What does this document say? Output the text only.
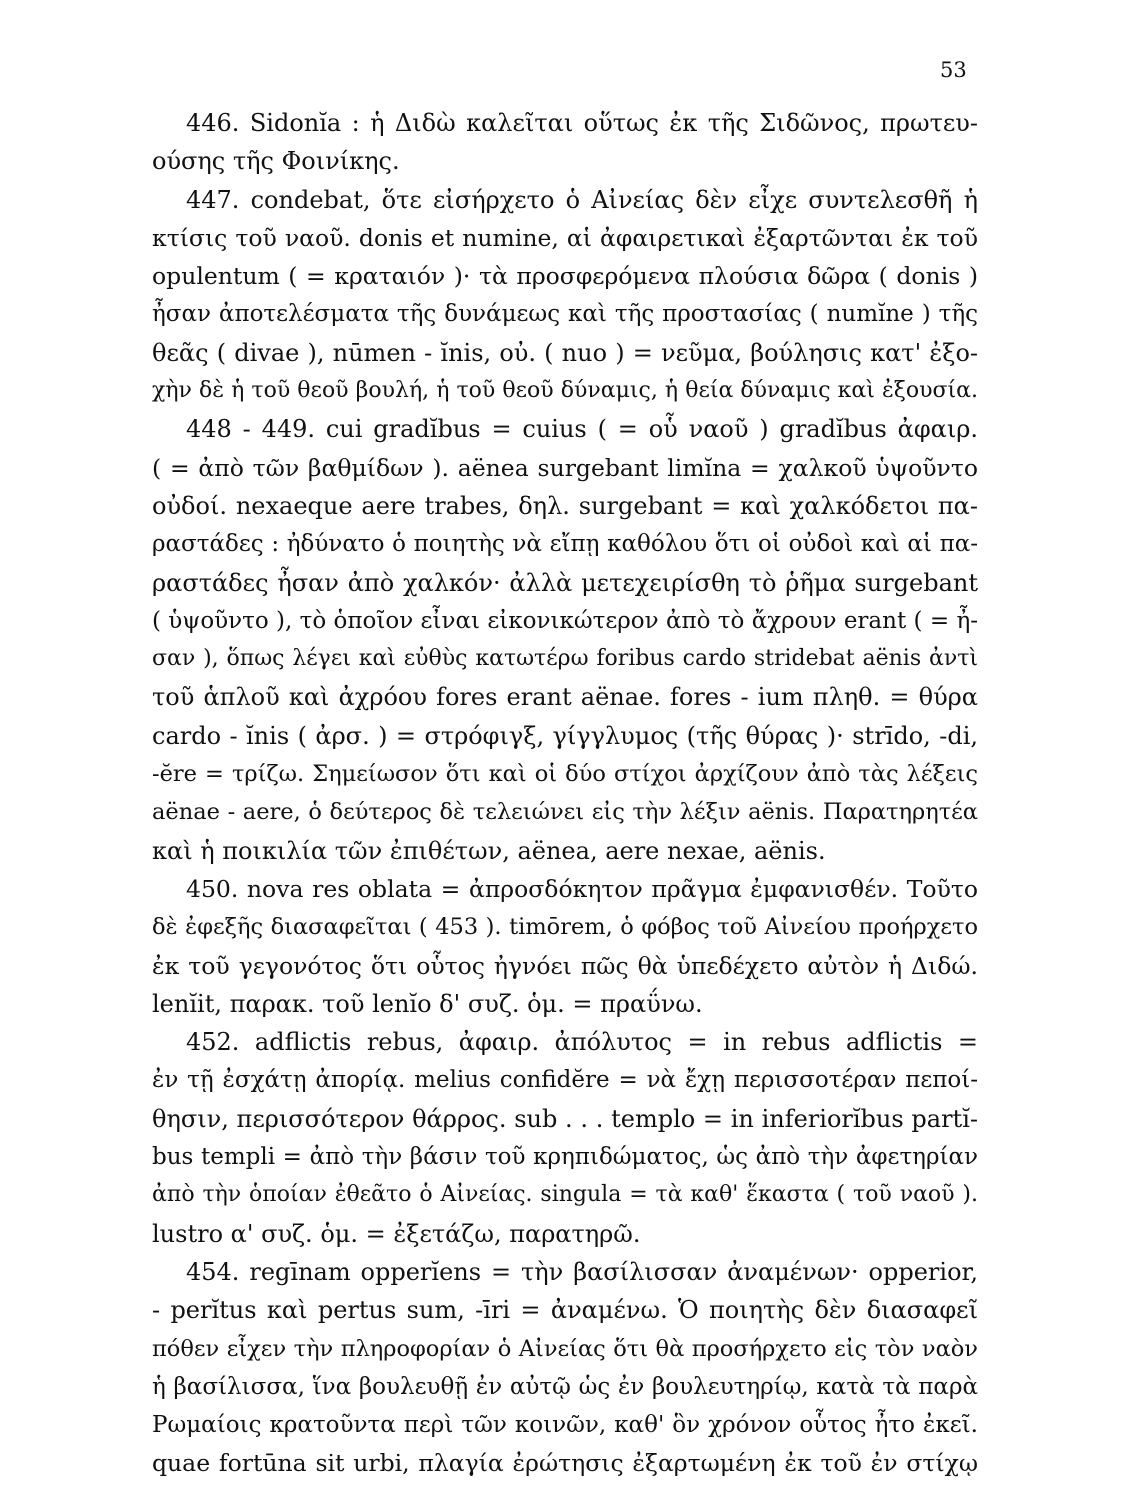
53
446. Sidonĭa : ἡ Διδὼ καλεῖται οὕτως ἐκ τῆς Σιδῶνος, πρωτευ-
ούσης τῆς Φοινίκης.
447. condebat, ὅτε εἰσήρχετο ὁ Αἰνείας δὲν εἶχε συντελεσθῆ ἡ
κτίσις τοῦ ναοῦ. donis et numine, αἱ ἀφαιρετικαὶ ἐξαρτῶνται ἐκ τοῦ
opulentum ( = κραταιόν )· τὰ προσφερόμενα πλούσια δῶρα ( donis )
ἦσαν ἀποτελέσματα τῆς δυνάμεως καὶ τῆς προστασίας ( numĭne ) τῆς
θεᾶς ( divae ), nūmen - ĭnis, οὐ. ( nuo ) = νεῦμα, βούλησις κατ' ἐξο-
χὴν δὲ ἡ τοῦ θεοῦ βουλή, ἡ τοῦ θεοῦ δύναμις, ἡ θεία δύναμις καὶ ἐξουσία.
448 - 449. cui gradĭbus = cuius ( = οὗ ναοῦ ) gradĭbus ἀφαιρ.
( = ἀπὸ τῶν βαθμίδων ). aënea surgebant limĭna = χαλκοῦ ὑψοῦντο
οὐδοί. nexaeque aere trabes, δηλ. surgebant = καὶ χαλκόδετοι πα-
ραστάδες : ἠδύνατο ὁ ποιητὴς νὰ εἴπῃ καθόλου ὅτι οἱ οὐδοὶ καὶ αἱ πα-
ραστάδες ἦσαν ἀπὸ χαλκόν· ἀλλὰ μετεχειρίσθη τὸ ῥῆμα surgebant
( ὑψοῦντο ), τὸ ὁποῖον εἶναι εἰκονικώτερον ἀπὸ τὸ ἄχρουν erant ( = ἦ-
σαν ), ὅπως λέγει καὶ εὐθὺς κατωτέρω foribus cardo stridebat aënis ἀντὶ
τοῦ ἁπλοῦ καὶ ἀχρόου fores erant aënae. fores - ium πληθ. = θύρα
cardo - ĭnis ( ἀρσ. ) = στρόφιγξ, γίγγλυμος (τῆς θύρας )· strīdo, -di,
-ĕre = τρίζω. Σημείωσον ὅτι καὶ οἱ δύο στίχοι ἀρχίζουν ἀπὸ τὰς λέξεις
aënae - aere, ὁ δεύτερος δὲ τελειώνει εἰς τὴν λέξιν aënis. Παρατηρητέα
καὶ ἡ ποικιλία τῶν ἐπιθέτων, aënea, aere nexae, aënis.
450. nova res oblata = ἀπροσδόκητον πρᾶγμα ἐμφανισθέν. Τοῦτο
δὲ ἐφεξῆς διασαφεῖται ( 453 ). timōrem, ὁ φόβος τοῦ Αἰνείου προήρχετο
ἐκ τοῦ γεγονότος ὅτι οὗτος ἠγνόει πῶς θὰ ὑπεδέχετο αὐτὸν ἡ Διδώ.
lenĭit, παρακ. τοῦ lenĭo δ' συζ. ὁμ. = πραΰνω.
452. adflictis rebus, ἀφαιρ. ἀπόλυτος = in rebus adflictis =
ἐν τῇ ἐσχάτῃ ἀπορίᾳ. melius confidĕre = νὰ ἔχῃ περισσοτέραν πεποί-
θησιν, περισσότερον θάρρος. sub . . . templo = in inferiorĭbus partĭ-
bus templi = ἀπὸ τὴν βάσιν τοῦ κρηπιδώματος, ὡς ἀπὸ τὴν ἀφετηρίαν
ἀπὸ τὴν ὁποίαν ἐθεᾶτο ὁ Αἰνείας. singula = τὰ καθ' ἕκαστα ( τοῦ ναοῦ ).
lustro α' συζ. ὁμ. = ἐξετάζω, παρατηρῶ.
454. regīnam opperĭens = τὴν βασίλισσαν ἀναμένων· opperior,
- perĭtus καὶ pertus sum, -īri = ἀναμένω. Ὁ ποιητὴς δὲν διασαφεῖ
πόθεν εἶχεν τὴν πληροφορίαν ὁ Αἰνείας ὅτι θὰ προσήρχετο εἰς τὸν ναὸν
ἡ βασίλισσα, ἵνα βουλευθῇ ἐν αὐτῷ ὡς ἐν βουλευτηρίῳ, κατὰ τὰ παρὰ
Ρωμαίοις κρατοῦντα περὶ τῶν κοινῶν, καθ' ὃν χρόνον οὗτος ἦτο ἐκεῖ.
quae fortūna sit urbi, πλαγία ἐρώτησις ἐξαρτωμένη ἐκ τοῦ ἐν στίχῳ
